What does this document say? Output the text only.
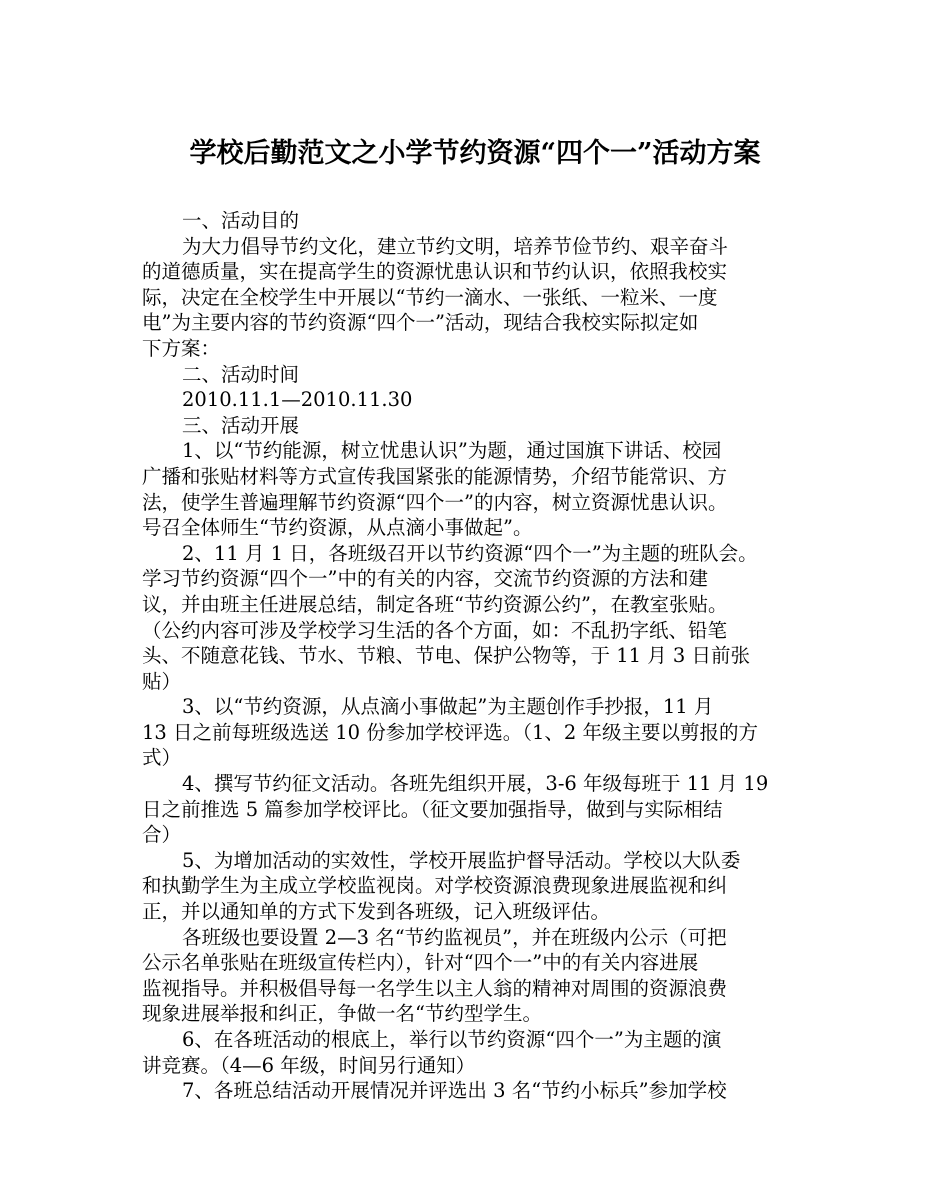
学校后勤范文之小学节约资源“四个一”活动方案
一、活动目的
为大力倡导节约文化，建立节约文明，培养节俭节约、艰辛奋斗
的道德质量，实在提高学生的资源忧患认识和节约认识，依照我校实
际，决定在全校学生中开展以“节约一滴水、一张纸、一粒米、一度
电”为主要内容的节约资源“四个一”活动，现结合我校实际拟定如
下方案：
二、活动时间
2010.11.1—2010.11.30
三、活动开展
1、以“节约能源，树立忧患认识”为题，通过国旗下讲话、校园
广播和张贴材料等方式宣传我国紧张的能源情势，介绍节能常识、方
法，使学生普遍理解节约资源“四个一”的内容，树立资源忧患认识。
号召全体师生“节约资源，从点滴小事做起”。
2、11 月 1 日，各班级召开以节约资源“四个一”为主题的班队会。
学习节约资源“四个一”中的有关的内容，交流节约资源的方法和建
议，并由班主任进展总结，制定各班“节约资源公约”，在教室张贴。
（公约内容可涉及学校学习生活的各个方面，如：不乱扔字纸、铅笔
头、不随意花钱、节水、节粮、节电、保护公物等，于 11 月 3 日前张
贴）
3、以“节约资源，从点滴小事做起”为主题创作手抄报，11 月
13 日之前每班级选送 10 份参加学校评选。（1、2 年级主要以剪报的方
式）
4、撰写节约征文活动。各班先组织开展，3-6 年级每班于 11 月 19
日之前推选 5 篇参加学校评比。（征文要加强指导，做到与实际相结
合）
5、为增加活动的实效性，学校开展监护督导活动。学校以大队委
和执勤学生为主成立学校监视岗。对学校资源浪费现象进展监视和纠
正，并以通知单的方式下发到各班级，记入班级评估。
各班级也要设置 2—3 名“节约监视员”，并在班级内公示（可把
公示名单张贴在班级宣传栏内），针对“四个一”中的有关内容进展
监视指导。并积极倡导每一名学生以主人翁的精神对周围的资源浪费
现象进展举报和纠正，争做一名“节约型学生。
6、在各班活动的根底上，举行以节约资源“四个一”为主题的演
讲竞赛。（4—6 年级，时间另行通知）
7、各班总结活动开展情况并评选出 3 名“节约小标兵”参加学校
